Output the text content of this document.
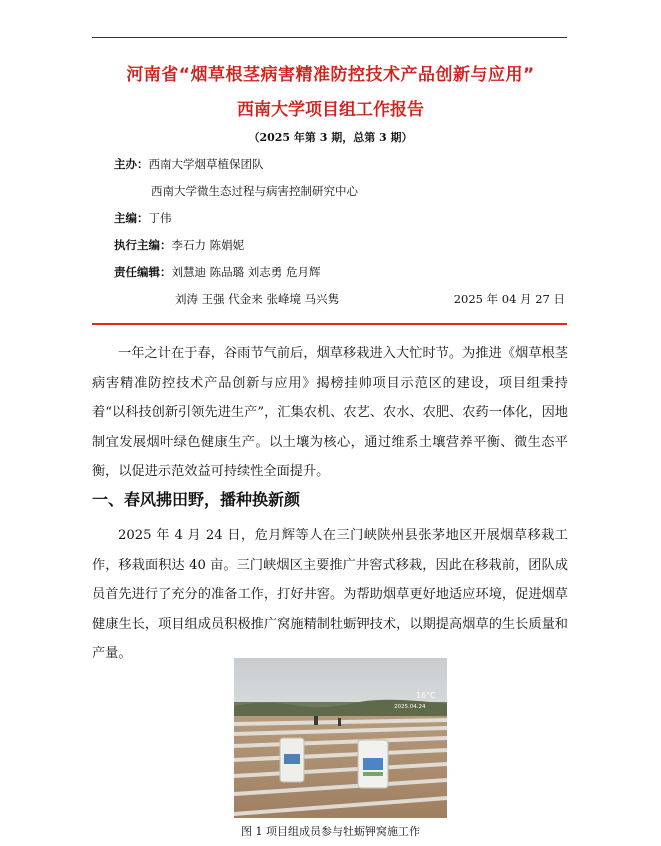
河南省“烟草根茎病害精准防控技术产品创新与应用”
西南大学项目组工作报告
（2025 年第 3 期，总第 3 期）
主办：西南大学烟草植保团队
西南大学微生态过程与病害控制研究中心
主编：丁伟
执行主编：李石力 陈娟妮
责任编辑：刘慧迪 陈品璐 刘志勇 危月辉
刘涛 王强 代金来 张峰境 马兴隽	2025 年 04 月 27 日

一年之计在于春，谷雨节气前后，烟草移栽进入大忙时节。为推进《烟草根茎病害精准防控技术产品创新与应用》揭榜挂帅项目示范区的建设，项目组秉持着“以科技创新引领先进生产”，汇集农机、农艺、农水、农肥、农药一体化，因地制宜发展烟叶绿色健康生产。以土壤为核心，通过维系土壤营养平衡、微生态平衡，以促进示范效益可持续性全面提升。

一、春风拂田野，播种换新颜

2025 年 4 月 24 日，危月辉等人在三门峡陕州县张茅地区开展烟草移栽工作，移栽面积达 40 亩。三门峡烟区主要推广井窖式移栽，因此在移栽前，团队成员首先进行了充分的准备工作，打好井窖。为帮助烟草更好地适应环境，促进烟草健康生长，项目组成员积极推广窝施精制牡蛎钾技术，以期提高烟草的生长质量和产量。

16°C
2025.04.24
图 1 项目组成员参与牡蛎钾窝施工作
